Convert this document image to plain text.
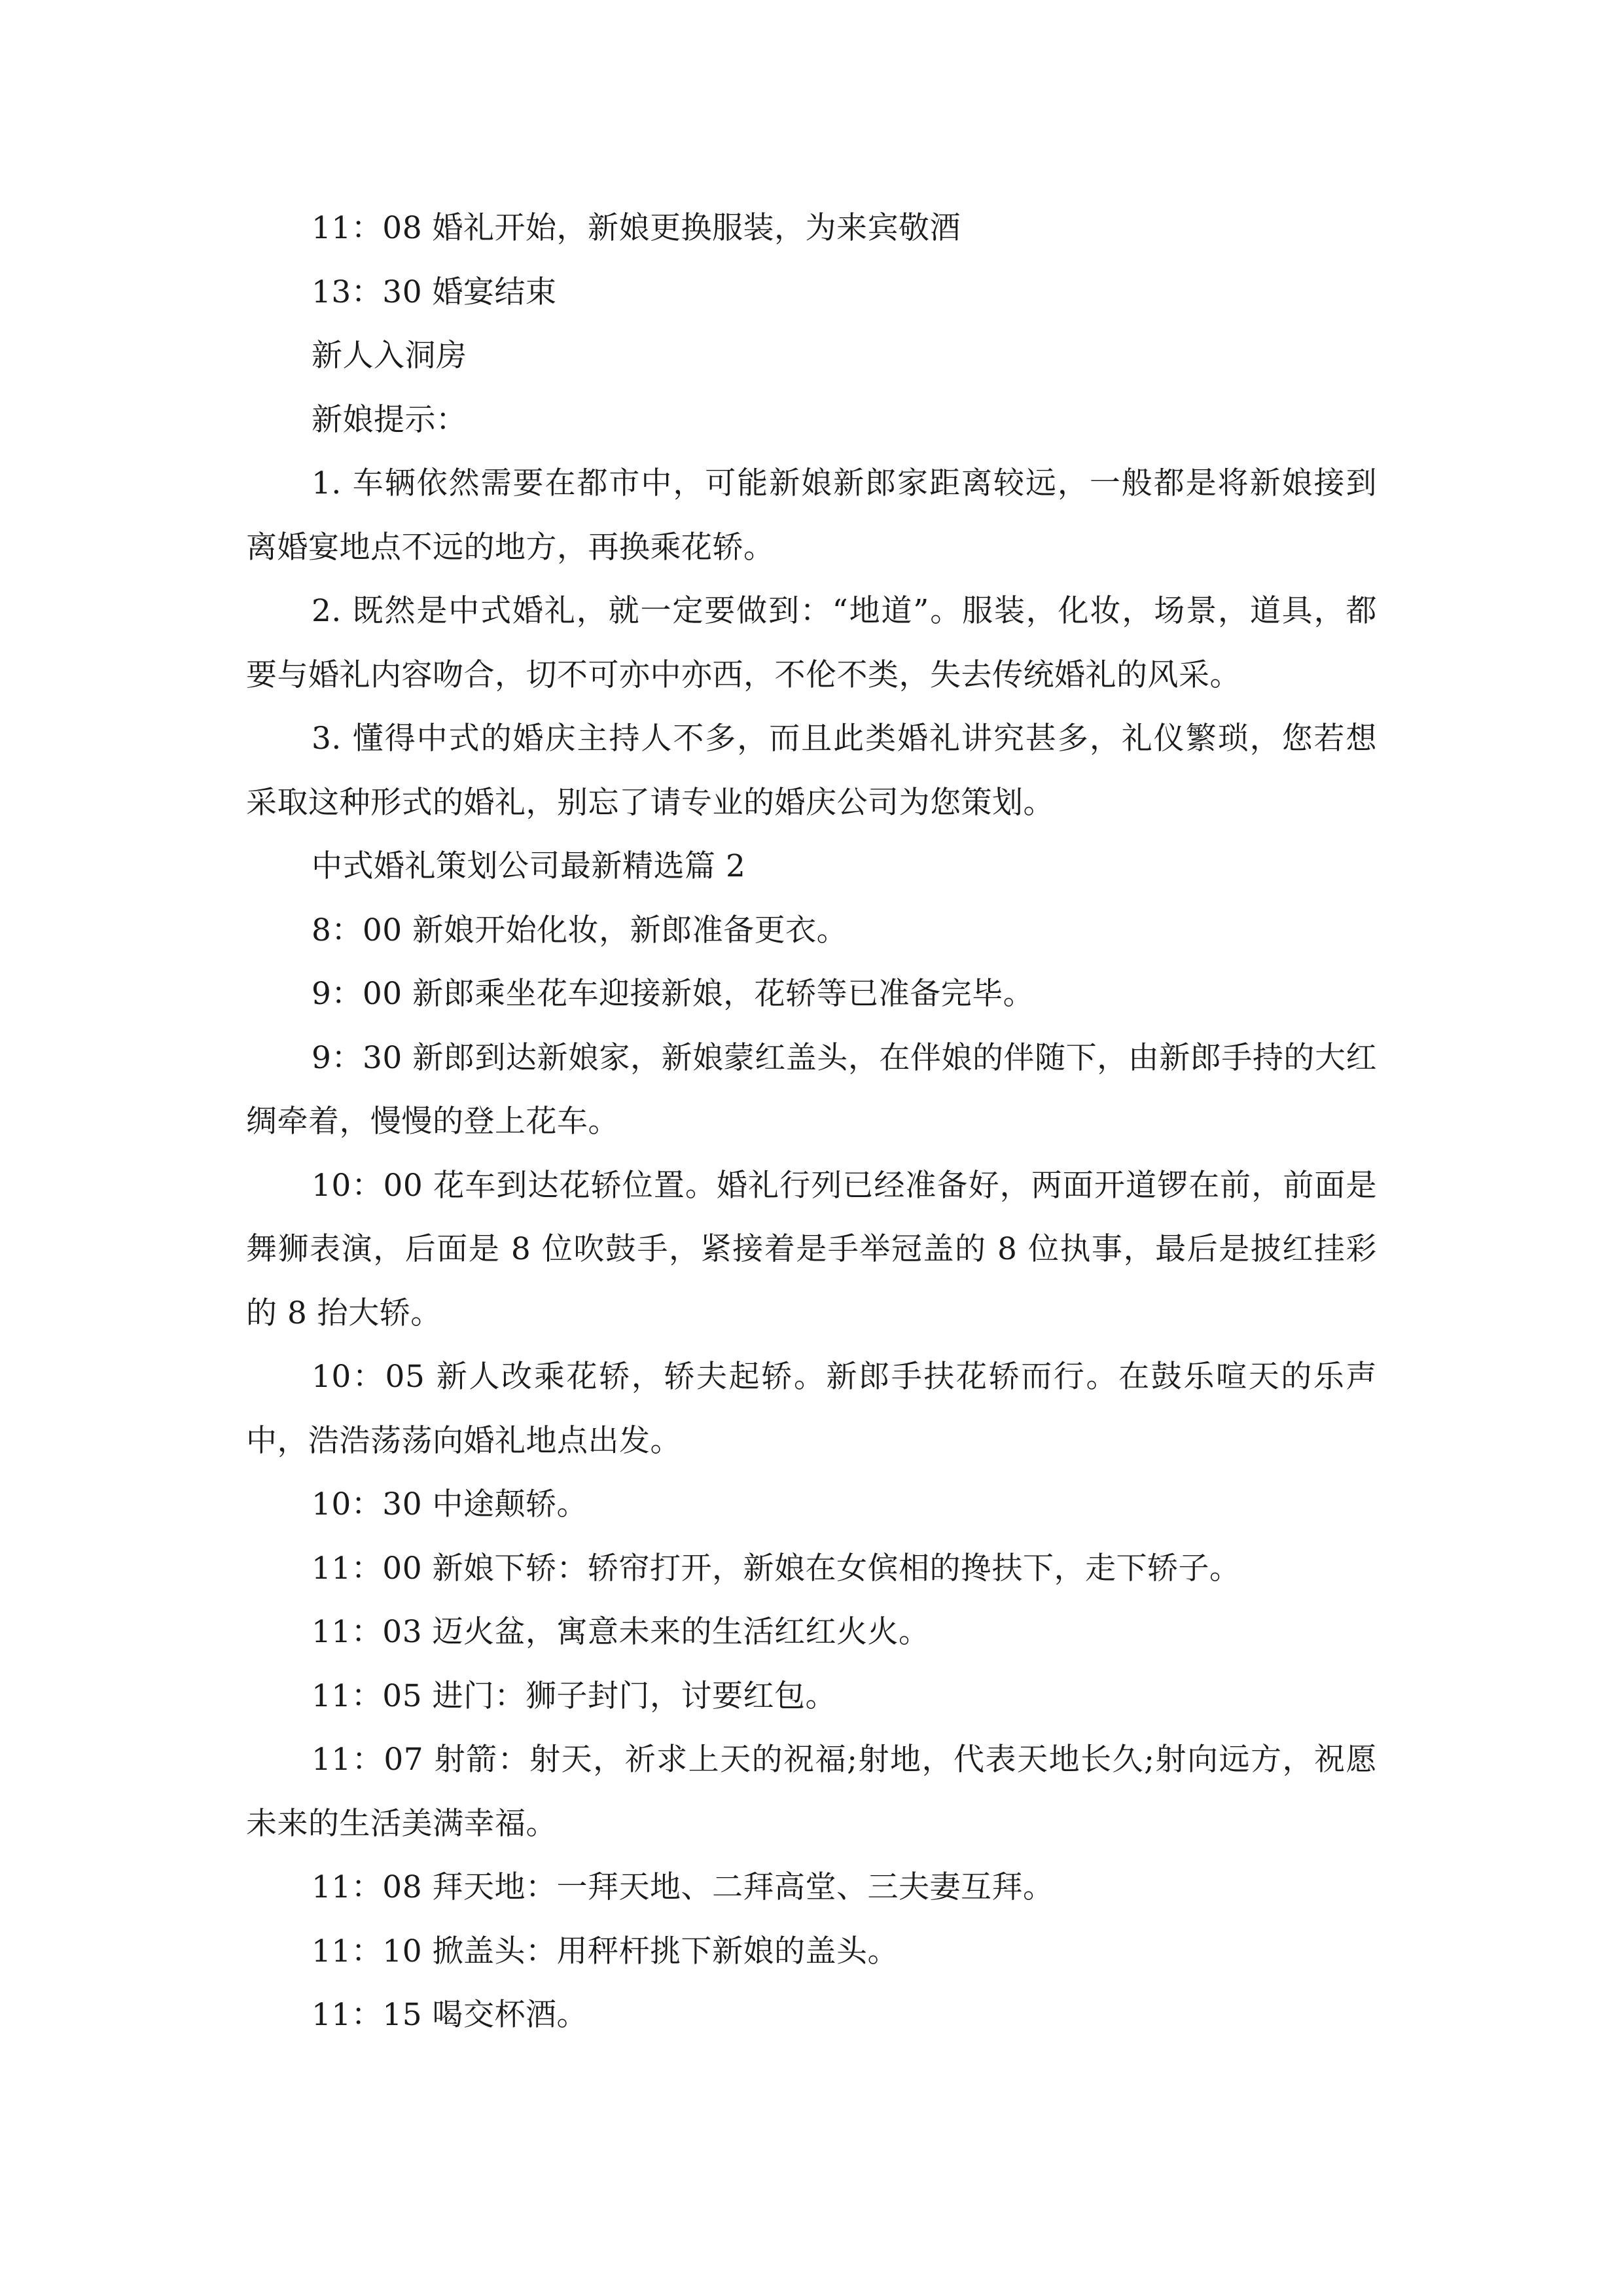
11：08 婚礼开始，新娘更换服装，为来宾敬酒

13：30 婚宴结束

新人入洞房

新娘提示：

1. 车辆依然需要在都市中，可能新娘新郎家距离较远，一般都是将新娘接到离婚宴地点不远的地方，再换乘花轿。

2. 既然是中式婚礼，就一定要做到：“地道”。服装，化妆，场景，道具，都要与婚礼内容吻合，切不可亦中亦西，不伦不类，失去传统婚礼的风采。

3. 懂得中式的婚庆主持人不多，而且此类婚礼讲究甚多，礼仪繁琐，您若想采取这种形式的婚礼，别忘了请专业的婚庆公司为您策划。

中式婚礼策划公司最新精选篇 2

8：00 新娘开始化妆，新郎准备更衣。

9：00 新郎乘坐花车迎接新娘，花轿等已准备完毕。

9：30 新郎到达新娘家，新娘蒙红盖头，在伴娘的伴随下，由新郎手持的大红绸牵着，慢慢的登上花车。

10：00 花车到达花轿位置。婚礼行列已经准备好，两面开道锣在前，前面是舞狮表演，后面是 8 位吹鼓手，紧接着是手举冠盖的 8 位执事，最后是披红挂彩的 8 抬大轿。

10：05 新人改乘花轿，轿夫起轿。新郎手扶花轿而行。在鼓乐喧天的乐声中，浩浩荡荡向婚礼地点出发。

10：30 中途颠轿。

11：00 新娘下轿：轿帘打开，新娘在女傧相的搀扶下，走下轿子。

11：03 迈火盆，寓意未来的生活红红火火。

11：05 进门：狮子封门，讨要红包。

11：07 射箭：射天，祈求上天的祝福;射地，代表天地长久;射向远方，祝愿未来的生活美满幸福。

11：08 拜天地：一拜天地、二拜高堂、三夫妻互拜。

11：10 掀盖头：用秤杆挑下新娘的盖头。

11：15 喝交杯酒。
